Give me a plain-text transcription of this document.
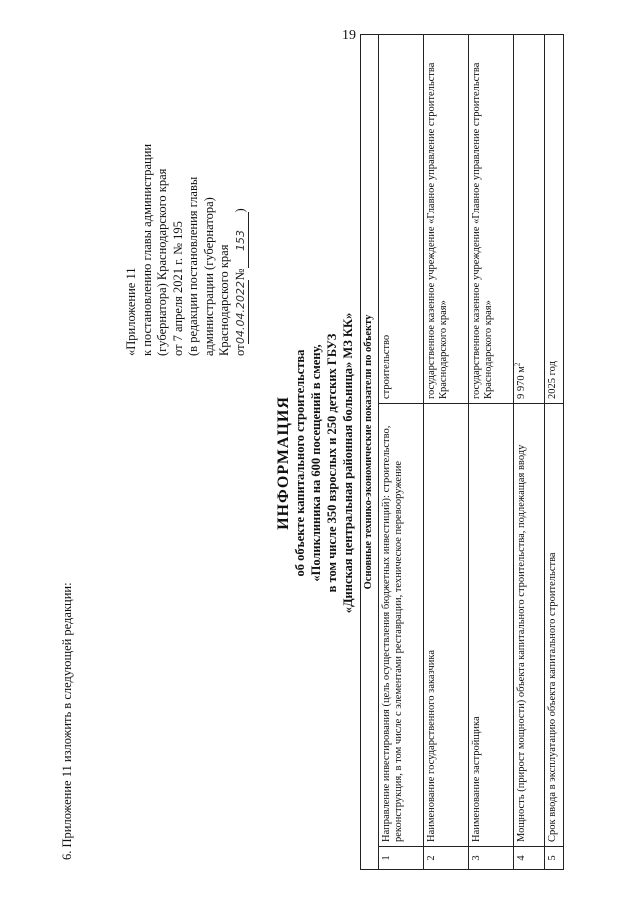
19
6. Приложение 11 изложить в следующей редакции:
«Приложение 11 к постановлению главы администрации (губернатора) Краснодарского края от 7 апреля 2021 г. № 195 (в редакции постановления главы администрации (губернатора) Краснодарского края от04.04.2022№153)
ИНФОРМАЦИЯ об объекте капитального строительства «Поликлиника на 600 посещений в смену, в том числе 350 взрослых и 250 детских ГБУЗ «Динская центральная районная больница» МЗ КК» Основные технико-экономические показатели по объекту		
1	Направление инвестирования (цель осуществления бюджетных инвестиций): строительство, реконструкция, в том числе с элементами реставрации, техническое перевооружение	строительство
2	Наименование государственного заказчика	государственное казенное учреждение «Главное управление строительства Краснодарского края»
3	Наименование застройщика	государственное казенное учреждение «Главное управление строительства Краснодарского края»
4	Мощность (прирост мощности) объекта капитального строительства, подлежащая вводу	9 970 $м^2$
5	Срок ввода в эксплуатацию объекта капитального строительства	2025 год
